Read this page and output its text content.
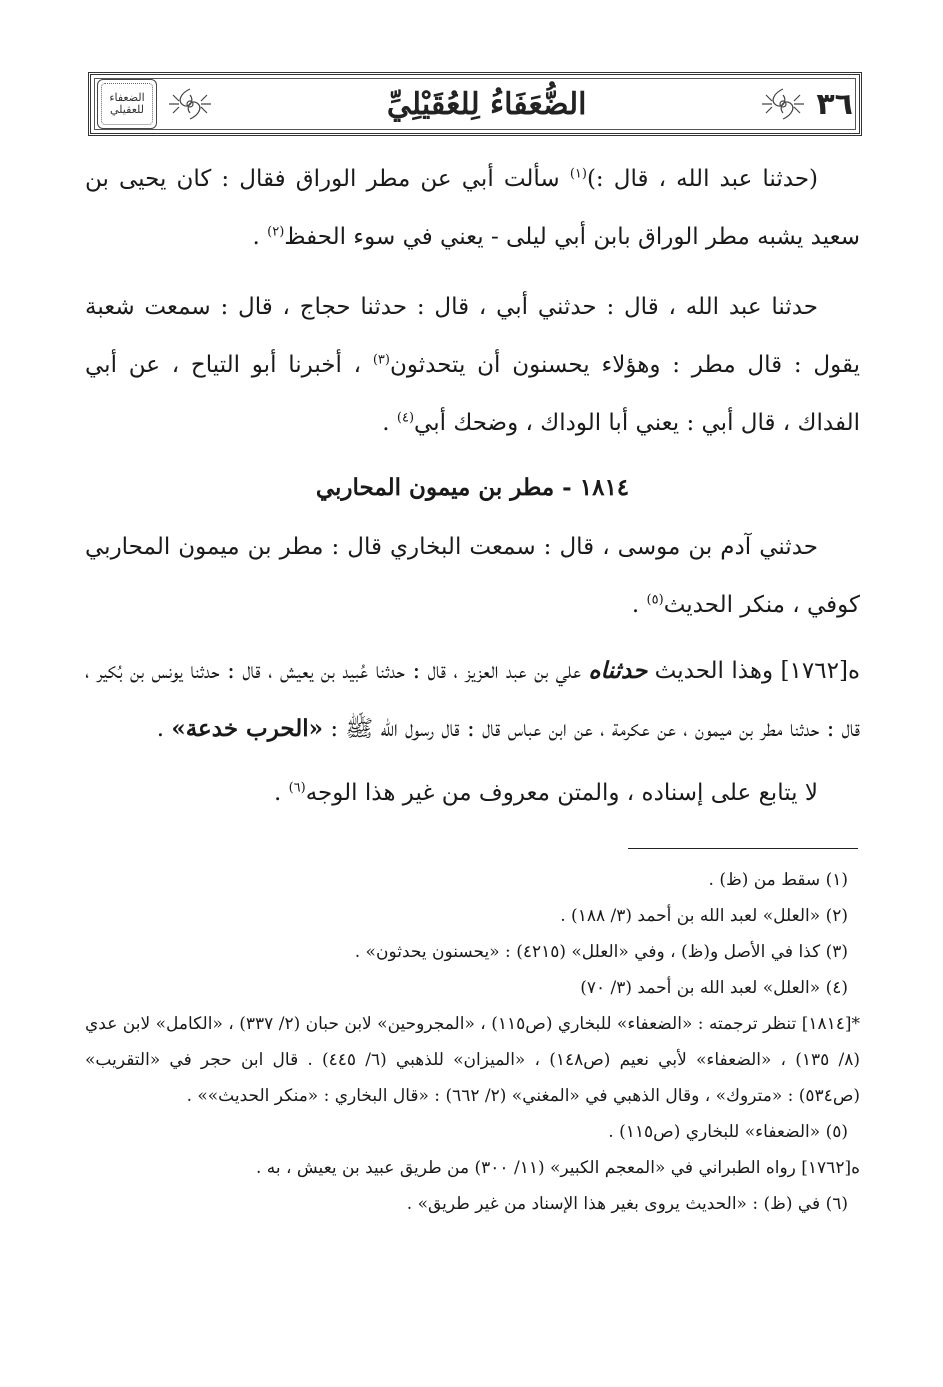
٣٦
الضُّعَفَاءُ لِلعُقَيْلِيِّ
الضعفاء للعقيلي

(حدثنا عبد الله ، قال :)$^{(١)}$ سألت أبي عن مطر الوراق فقال : كان يحيى بن سعيد يشبه مطر الوراق بابن أبي ليلى - يعني في سوء الحفظ$^{(٢)}$ .

حدثنا عبد الله ، قال : حدثني أبي ، قال : حدثنا حجاج ، قال : سمعت شعبة يقول : قال مطر : وهؤلاء يحسنون أن يتحدثون$^{(٣)}$ ، أخبرنا أبو التياح ، عن أبي الفداك ، قال أبي : يعني أبا الوداك ، وضحك أبي$^{(٤)}$ .

١٨١٤ - مطر بن ميمون المحاربي

حدثني آدم بن موسى ، قال : سمعت البخاري قال : مطر بن ميمون المحاربي كوفي ، منكر الحديث$^{(٥)}$ .

ه[١٧٦٢] وهذا الحديث حدثناه علي بن عبد العزيز ، قال : حدثنا عُبيد بن يعيش ، قال : حدثنا يونس بن بُكير ، قال : حدثنا مطر بن ميمون ، عن عكرمة ، عن ابن عباس قال : قال رسول الله ﷺ : «الحرب خدعة» .

لا يتابع على إسناده ، والمتن معروف من غير هذا الوجه$^{(٦)}$ .

(١) سقط من (ظ) .

(٢) «العلل» لعبد الله بن أحمد (٣/ ١٨٨) .

(٣) كذا في الأصل و(ظ) ، وفي «العلل» (٤٢١٥) : «يحسنون يحدثون» .

(٤) «العلل» لعبد الله بن أحمد (٣/ ٧٠)

*[١٨١٤] تنظر ترجمته : «الضعفاء» للبخاري (ص١١٥) ، «المجروحين» لابن حبان (٢/ ٣٣٧) ، «الكامل» لابن عدي (٨/ ١٣٥) ، «الضعفاء» لأبي نعيم (ص١٤٨) ، «الميزان» للذهبي (٦/ ٤٤٥) . قال ابن حجر في «التقريب» (ص٥٣٤) : «متروك» ، وقال الذهبي في «المغني» (٢/ ٦٦٢) : «قال البخاري : «منكر الحديث»» .

(٥) «الضعفاء» للبخاري (ص١١٥) .

ه[١٧٦٢] رواه الطبراني في «المعجم الكبير» (١١/ ٣٠٠) من طريق عبيد بن يعيش ، به .

(٦) في (ظ) : «الحديث يروى بغير هذا الإسناد من غير طريق» .
